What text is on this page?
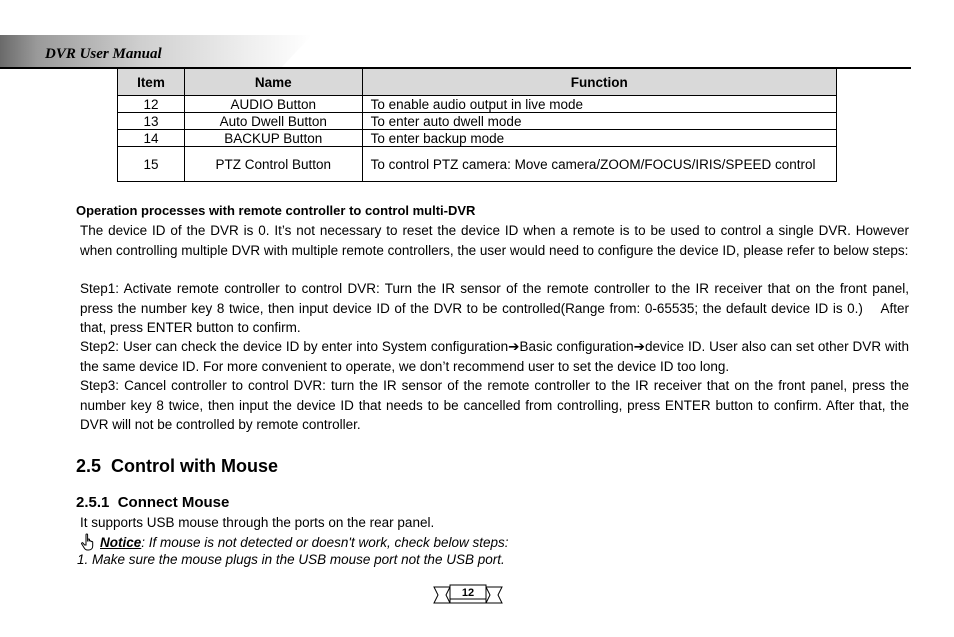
DVR User Manual
Item	Name	Function
12	AUDIO Button	To enable audio output in live mode
13	Auto Dwell Button	To enter auto dwell mode
14	BACKUP Button	To enter backup mode
15	PTZ Control Button	To control PTZ camera: Move camera/ZOOM/FOCUS/IRIS/SPEED control
Operation processes with remote controller to control multi-DVR

The device ID of the DVR is 0. It’s not necessary to reset the device ID when a remote is to be used to control a single DVR. However when controlling multiple DVR with multiple remote controllers, the user would need to configure the device ID, please refer to below steps:

Step1: Activate remote controller to control DVR: Turn the IR sensor of the remote controller to the IR receiver that on the front panel, press the number key 8 twice, then input device ID of the DVR to be controlled(Range from: 0-65535; the default device ID is 0.)    After that, press ENTER button to confirm.

Step2: User can check the device ID by enter into System configuration➔Basic configuration➔device ID. User also can set other DVR with the same device ID. For more convenient to operate, we don’t recommend user to set the device ID too long.

Step3: Cancel controller to control DVR: turn the IR sensor of the remote controller to the IR receiver that on the front panel, press the number key 8 twice, then input the device ID that needs to be cancelled from controlling, press ENTER button to confirm. After that, the DVR will not be controlled by remote controller.

2.5  Control with Mouse
2.5.1  Connect Mouse
It supports USB mouse through the ports on the rear panel.
Notice : If mouse is not detected or doesn't work, check below steps:
1. Make sure the mouse plugs in the USB mouse port not the USB port.
12
